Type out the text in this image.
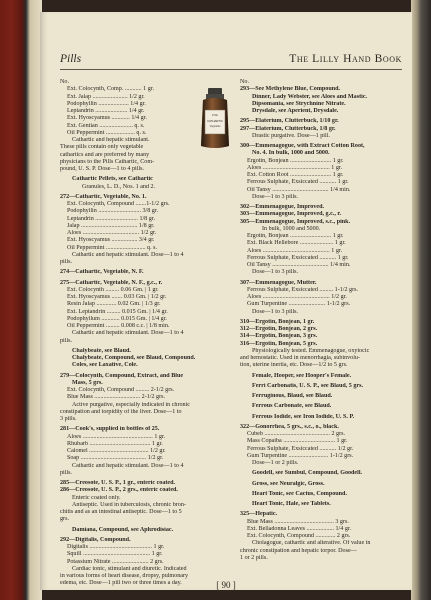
Pills	The Lilly Hand Book
No.
Ext. Colocynth, Comp. ........... 1 gr.
Ext. Jalap ....................... 1/2 gr.
Podophyllin .................... 1/4 gr.
Leptandrin ..................... 1/4 gr.
Ext. Hyoscyamus ............ 1/4 gr.
Ext. Gentian ...................... q. s.
Oil Peppermint ................... q. s.
Cathartic and hepatic stimulant.
These pills contain only vegetable
cathartics and are preferred by many
physicians to the Pills Cathartic, Com-
pound, U. S. P. Dose—1 to 4 pills.
Cathartic Pellets, see Cathartic
Granules, L. D., Nos. 1 and 2.
272—Cathartic, Vegetable, No. 1.
Ext. Colocynth, Compound .......1-1/2 grs.
Podophyllin ............................ 3/8 gr.
Leptandrin ............................ 1/8 gr.
Jalap ..................................... 1/8 gr.
Aloes ..................................... 1/2 gr.
Ext. Hyoscyamus ................. 3/4 gr.
Oil Peppermint .......................... q. s.
Cathartic and hepatic stimulant. Dose—1 to 4
pills.
274—Cathartic, Vegetable, N. F.
275—Cathartic, Vegetable, N. F., g.c., r.
Ext. Colocynth ......... 0.06 Gm. | 1 gr.
Ext. Hyoscyamus ....... 0.03 Gm. | 1/2 gr.
Resin Jalap ............. 0.02 Gm. | 1/3 gr.
Ext. Leptandrin ......... 0.015 Gm. | 1/4 gr.
Podophyllum ............ 0.015 Gm. | 1/4 gr.
Oil Peppermint ......... 0.008 c.c. | 1/8 min.
Cathartic and hepatic stimulant. Dose—1 to 4
pills.
Chalybeate, see Blaud.
Chalybeate, Compound, see Blaud, Compound.
Coles, see Laxative, Cole.
279—Colocynth, Compound, Extract, and Blue
Mass, 5 grs.
Ext. Colocynth, Compound ......... 2-1/2 grs.
Blue Mass .............................. 2-1/2 grs.
Active purgative, especially indicated in chronic
constipation and torpidity of the liver. Dose—1 to
3 pills.
281—Cook's, supplied in bottles of 25.
Aloes .............................................. 1 gr.
Rhubarb ........................................ 1 gr.
Calomel ....................................... 1/2 gr.
Soap ........................................... 1/2 gr.
Cathartic and hepatic stimulant. Dose—1 to 4
pills.
285—Creosote, U. S. P., 1 gr., enteric coated.
286—Creosote, U. S. P., 2 grs., enteric coated.
Enteric coated only.
Antiseptic. Used in tuberculosis, chronic bron-
chitis and as an intestinal antiseptic. Dose—1 to 5
grs.
Damiana, Compound, see Aphrodisiac.
292—Digitalis, Compound.
Digitalis ......................................... 1 gr.
Squill ............................................ 1 gr.
Potassium Nitrate ........................ 2 grs.
Cardiac tonic, stimulant and diuretic. Indicated
in various forms of heart disease, dropsy, pulmonary
edema, etc. Dose—1 pill two or three times a day.
No.
293—See Methylene Blue, Compound.
Dinner, Lady Webster, see Aloes and Mastic.
Dipsomania, see Strychnine Nitrate.
Drysdale, see Aperient, Drysdale.
295—Elaterium, Clutterbuck, 1/10 gr.
297—Elaterium, Clutterbuck, 1/8 gr.
Drastic purgative. Dose—1 pill.
300—Emmenagogue, with Extract Cotton Root,
No. 4. In bulk, 1000 and 5000.
Ergotin, Bonjean ........................... 1 gr.
Aloes ............................................ 1 gr.
Ext. Cotton Root ........................... 1 gr.
Ferrous Sulphate, Exsiccated ........... 1 gr.
Oil Tansy ..................................... 1/4 min.
Dose—1 to 3 pills.
302—Emmenagogue, Improved.
303—Emmenagogue, Improved, g.c., r.
305—Emmenagogue, Improved, s.c., pink.
In bulk, 1000 and 5000.
Ergotin, Bonjean ........................... 1 gr.
Ext. Black Hellebore ...................... 1 gr.
Aloes ............................................ 1 gr.
Ferrous Sulphate, Exsiccated ........... 1 gr.
Oil Tansy ..................................... 1/4 min.
Dose—1 to 3 pills.
307—Emmenagogue, Mutter.
Ferrous Sulphate, Exsiccated ......... 1-1/2 grs.
Aloes ............................................ 1/2 gr.
Gum Turpentine ........................ 1-1/2 grs.
Dose—1 to 3 pills.
310—Ergotin, Bonjean, 1 gr.
312—Ergotin, Bonjean, 2 grs.
314—Ergotin, Bonjean, 3 grs.
316—Ergotin, Bonjean, 5 grs.
Physiologically tested. Emmenagogue, oxytocic
and hemostatic. Used in menorrhagia, subinvolu-
tion, uterine inertia, etc. Dose—1/2 to 5 grs.
Female, Hooper, see Hooper's Female.
Ferri Carbonatis, U. S. P., see Blaud, 5 grs.
Ferruginous, Blaud, see Blaud.
Ferrous Carbonate, see Blaud.
Ferrous Iodide, see Iron Iodide, U. S. P.
322—Gonorrhea, 5 grs., s.c., o., black.
Cubeb ........................................... 2 grs.
Mass Copaiba .................................. 1 gr.
Ferrous Sulphate, Exsiccated ........... 1/2 gr.
Gum Turpentine .......................... 1-1/2 grs.
Dose—1 or 2 pills.
Goodell, see Sumbul, Compound, Goodell.
Gross, see Neuralgic, Gross.
Heart Tonic, see Cactus, Compound.
Heart Tonic, Hale, see Tablets.
325—Hepatic.
Blue Mass ....................................... 3 grs.
Ext. Belladonna Leaves .................. 1/4 gr.
Ext. Colocynth, Compound ............. 2 grs.
Cholagogue, cathartic and alterative. Of value in
chronic constipation and hepatic torpor. Dose—
1 or 2 pills.
Pills
CATHARTIC
Vegetable
[ 90 ]
